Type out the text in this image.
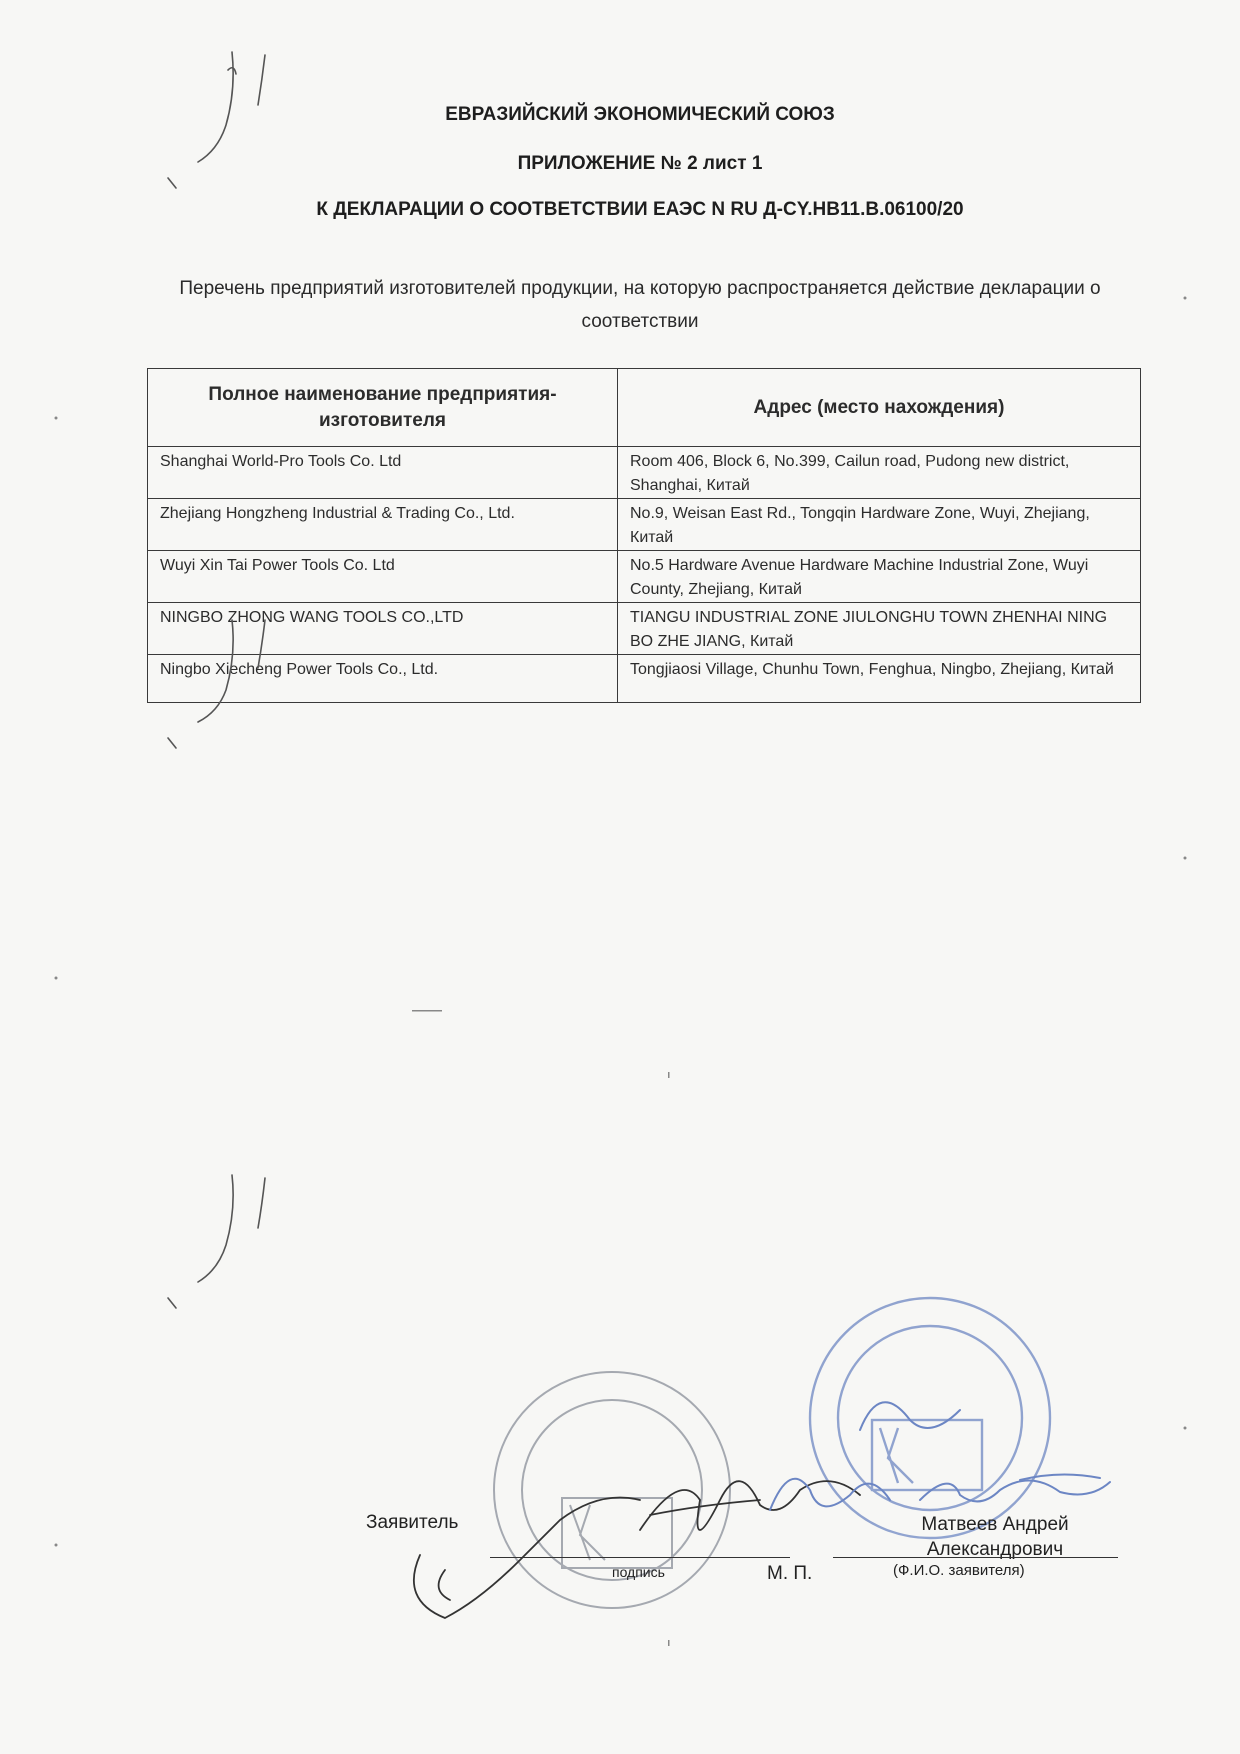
ЕВРАЗИЙСКИЙ ЭКОНОМИЧЕСКИЙ СОЮЗ
ПРИЛОЖЕНИЕ № 2 лист 1
К ДЕКЛАРАЦИИ О СООТВЕТСТВИИ ЕАЭС N RU Д-CY.НВ11.В.06100/20
Перечень предприятий изготовителей продукции, на которую распространяется действие декларации о соответствии
Полное наименование предприятия-изготовителя	Адрес (место нахождения)
Shanghai World-Pro Tools Co. Ltd	Room 406, Block 6, No.399, Cailun road, Pudong new district, Shanghai, Китай
Zhejiang Hongzheng Industrial & Trading Co., Ltd.	No.9, Weisan East Rd., Tongqin Hardware Zone, Wuyi, Zhejiang, Китай
Wuyi Xin Tai Power Tools Co. Ltd	No.5 Hardware Avenue Hardware Machine Industrial Zone, Wuyi County, Zhejiang, Китай
NINGBO ZHONG WANG TOOLS CO.,LTD	TIANGU INDUSTRIAL ZONE JIULONGHU TOWN ZHENHAI NING BO ZHE JIANG, Китай
Ningbo Xiecheng Power Tools Co., Ltd.	Tongjiaosi Village, Chunhu Town, Fenghua, Ningbo, Zhejiang, Китай
Заявитель
подпись	М. П.
Матвеев Андрей
Александрович
(Ф.И.О. заявителя)
